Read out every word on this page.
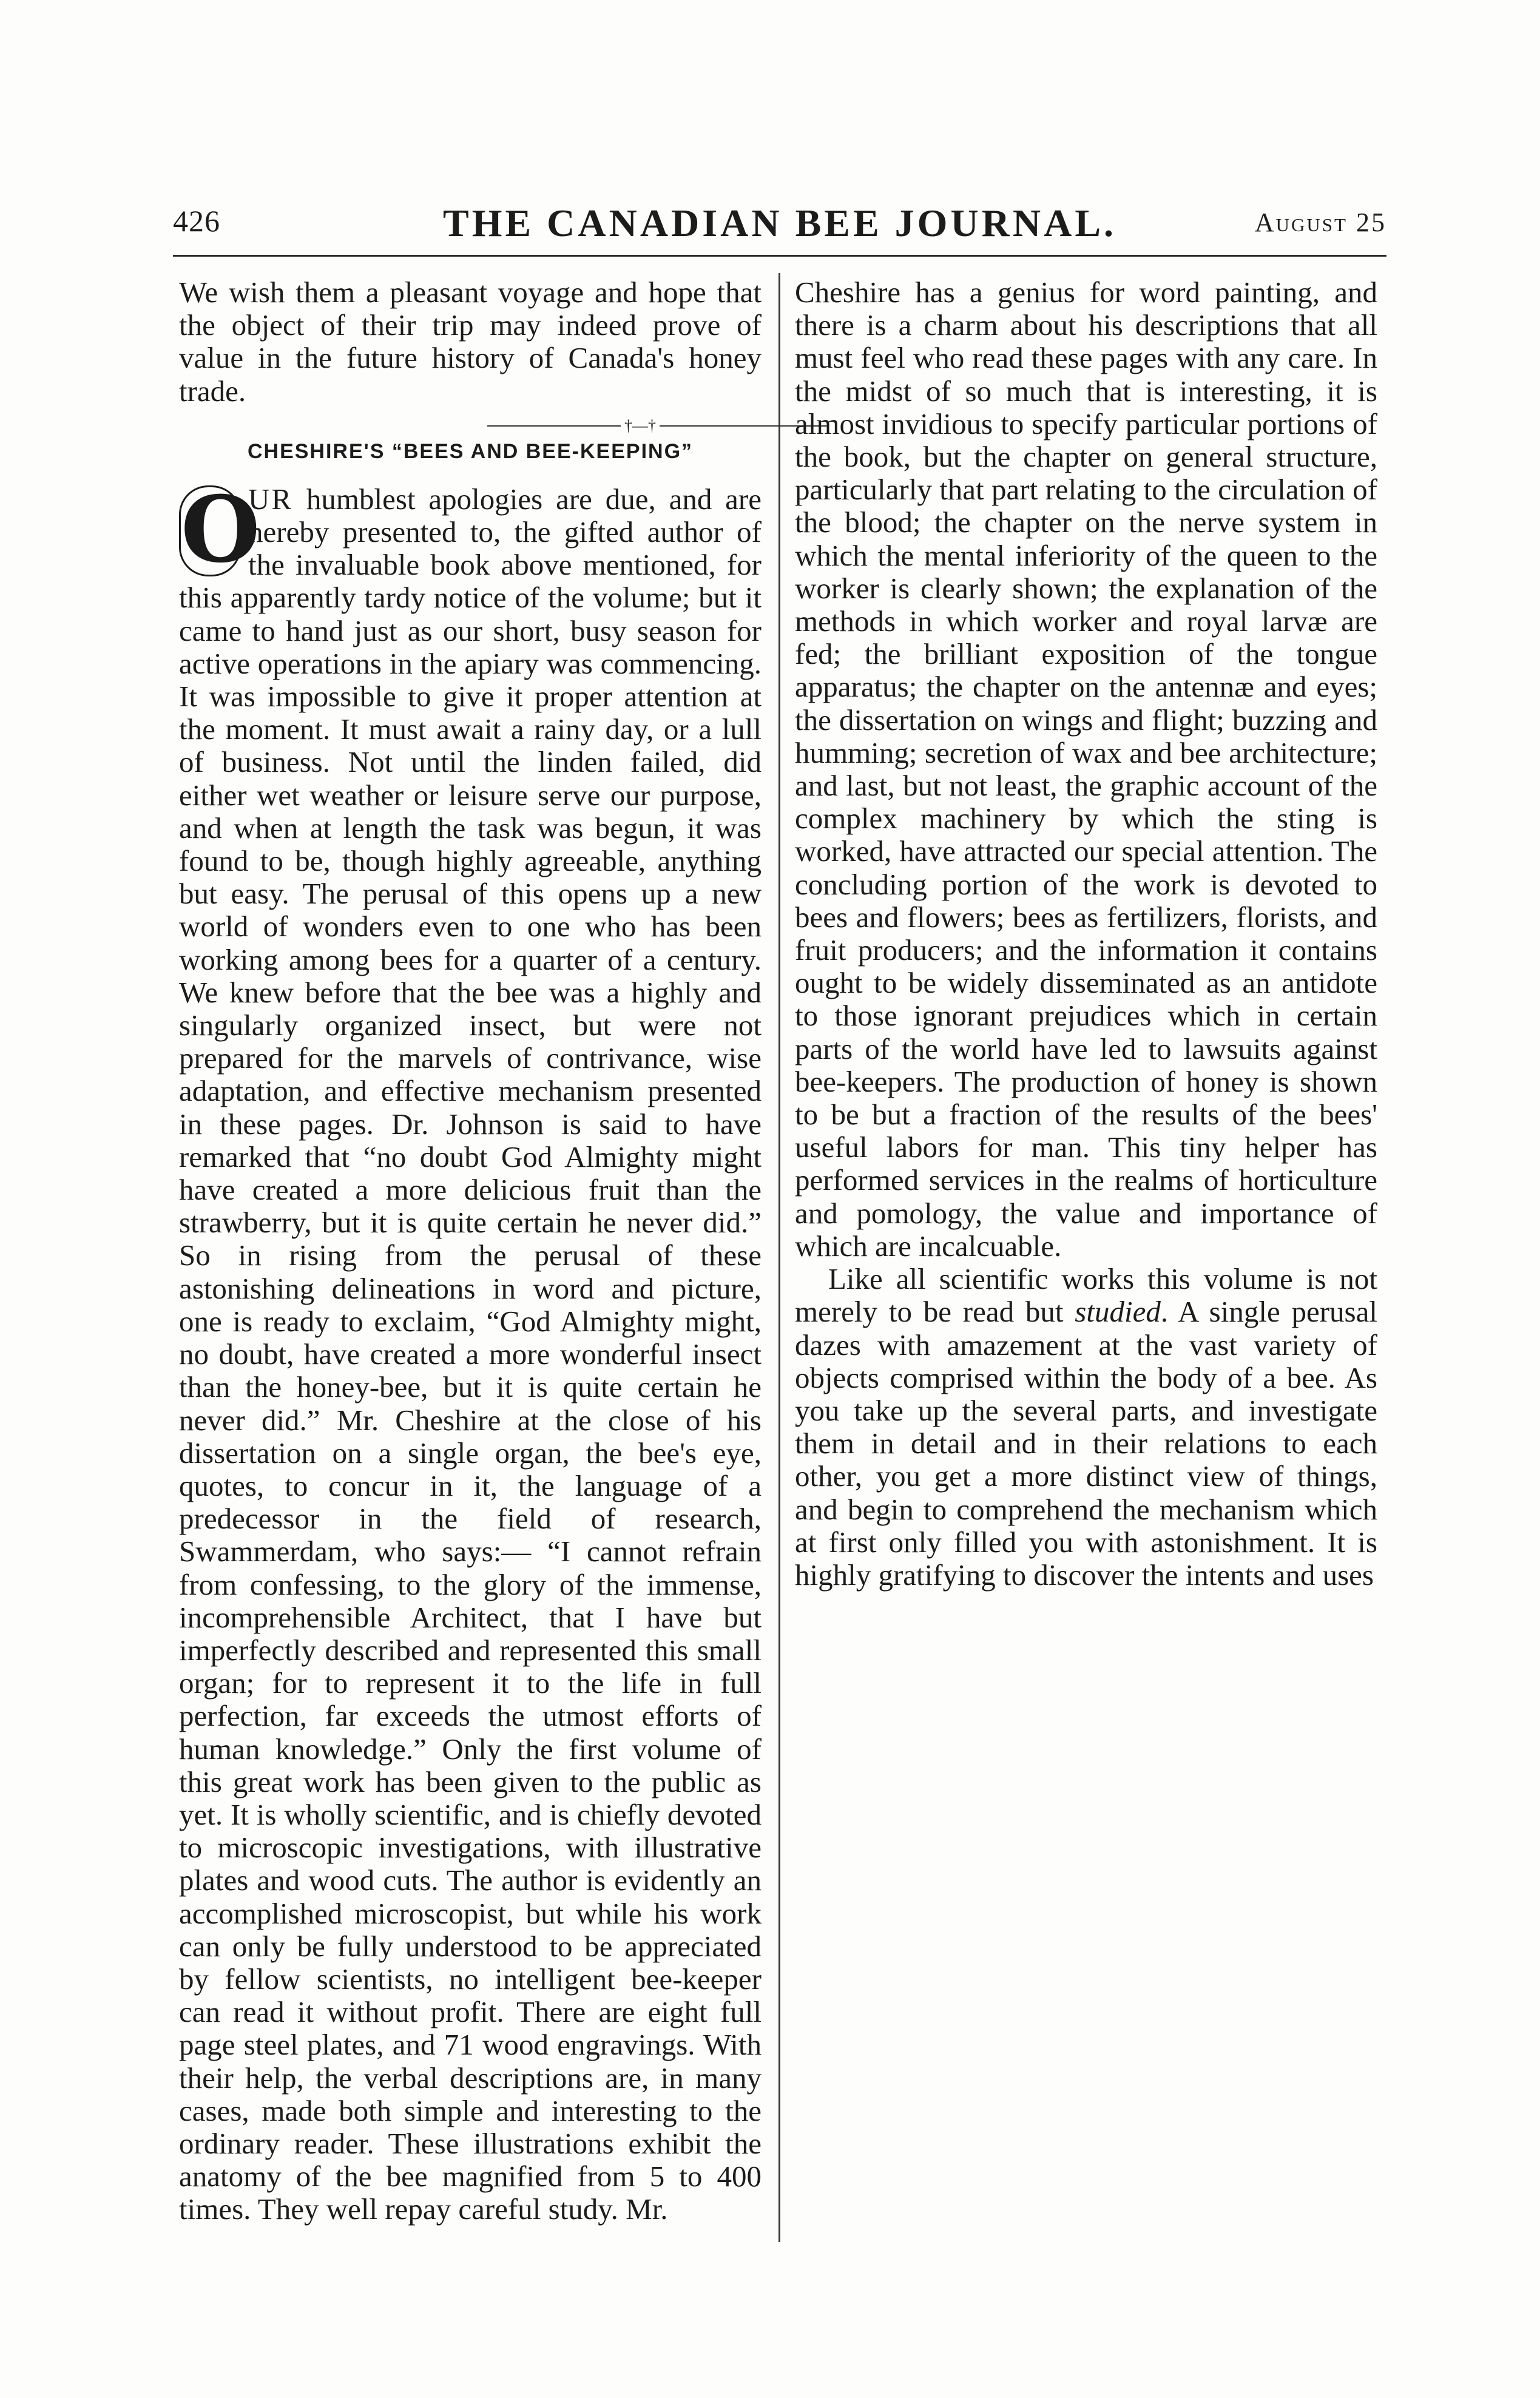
426	THE CANADIAN BEE JOURNAL.	August 25

We wish them a pleasant voyage and hope that the object of their trip may indeed prove of value in the future history of Canada's honey trade.

†—†
CHESHIRE'S “BEES AND BEE-KEEPING”

O
UR humblest apologies are due, and are hereby presented to, the gifted author of the invaluable book above mentioned, for this apparently tardy notice of the volume; but it came to hand just as our short, busy season for active operations in the apiary was commencing. It was impossible to give it proper attention at the moment. It must await a rainy day, or a lull of business. Not until the linden failed, did either wet weather or leisure serve our purpose, and when at length the task was begun, it was found to be, though highly agreeable, anything but easy. The perusal of this opens up a new world of wonders even to one who has been working among bees for a quarter of a century. We knew before that the bee was a highly and singularly organized insect, but were not prepared for the marvels of contrivance, wise adaptation, and effective mechanism presented in these pages. Dr. Johnson is said to have remarked that “no doubt God Almighty might have created a more delicious fruit than the strawberry, but it is quite certain he never did.” So in rising from the perusal of these astonishing delineations in word and picture, one is ready to exclaim, “God Almighty might, no doubt, have created a more wonderful insect than the honey-bee, but it is quite certain he never did.” Mr. Cheshire at the close of his dissertation on a single organ, the bee's eye, quotes, to concur in it, the language of a predecessor in the field of research, Swammerdam, who says:— “I cannot refrain from confessing, to the glory of the immense, incomprehensible Architect, that I have but imperfectly described and represented this small organ; for to represent it to the life in full perfection, far exceeds the utmost efforts of human knowledge.” Only the first volume of this great work has been given to the public as yet. It is wholly scientific, and is chiefly devoted to microscopic investigations, with illustrative plates and wood cuts. The author is evidently an accomplished microscopist, but while his work can only be fully understood to be appreciated by fellow scientists, no intelligent bee-keeper can read it without profit. There are eight full page steel plates, and 71 wood engravings. With their help, the verbal descriptions are, in many cases, made both simple and interesting to the ordinary reader. These illustrations exhibit the anatomy of the bee magnified from 5 to 400 times. They well repay careful study. Mr.

Cheshire has a genius for word painting, and there is a charm about his descriptions that all must feel who read these pages with any care. In the midst of so much that is interesting, it is almost invidious to specify particular portions of the book, but the chapter on general structure, particularly that part relating to the circulation of the blood; the chapter on the nerve system in which the mental inferiority of the queen to the worker is clearly shown; the explanation of the methods in which worker and royal larvæ are fed; the brilliant exposition of the tongue apparatus; the chapter on the antennæ and eyes; the dissertation on wings and flight; buzzing and humming; secretion of wax and bee architecture; and last, but not least, the graphic account of the complex machinery by which the sting is worked, have attracted our special attention. The concluding portion of the work is devoted to bees and flowers; bees as fertilizers, florists, and fruit producers; and the information it contains ought to be widely disseminated as an antidote to those ignorant prejudices which in certain parts of the world have led to lawsuits against bee-keepers. The production of honey is shown to be but a fraction of the results of the bees' useful labors for man. This tiny helper has performed services in the realms of horticulture and pomology, the value and importance of which are incalcuable.

Like all scientific works this volume is not merely to be read but studied. A single perusal dazes with amazement at the vast variety of objects comprised within the body of a bee. As you take up the several parts, and investigate them in detail and in their relations to each other, you get a more distinct view of things, and begin to comprehend the mechanism which at first only filled you with astonishment. It is highly gratifying to discover the intents and uses
